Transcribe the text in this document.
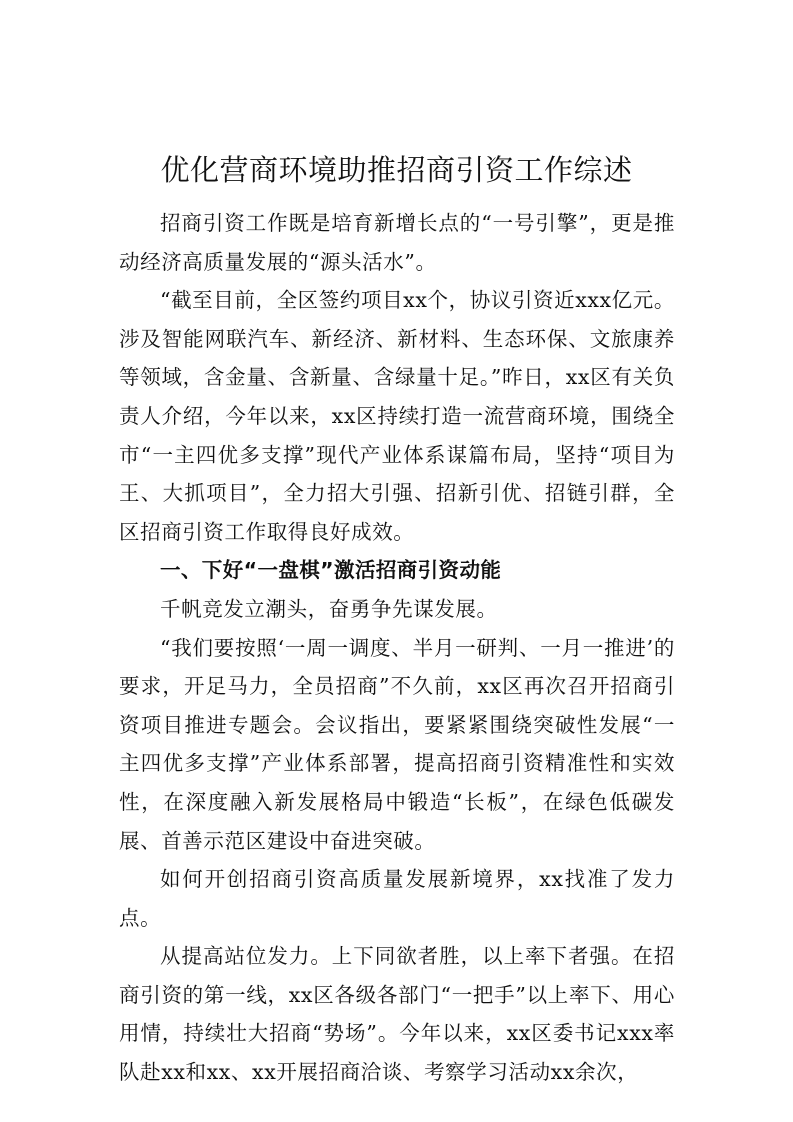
优化营商环境助推招商引资工作综述

招商引资工作既是培育新增长点的“一号引擎”，更是推动经济高质量发展的“源头活水”。

“截至目前，全区签约项目xx个，协议引资近xxx亿元。涉及智能网联汽车、新经济、新材料、生态环保、文旅康养等领域，含金量、含新量、含绿量十足。”昨日，xx区有关负责人介绍，今年以来，xx区持续打造一流营商环境，围绕全市“一主四优多支撑”现代产业体系谋篇布局，坚持“项目为王、大抓项目”，全力招大引强、招新引优、招链引群，全区招商引资工作取得良好成效。

一、下好“一盘棋”激活招商引资动能

千帆竞发立潮头，奋勇争先谋发展。

“我们要按照‘一周一调度、半月一研判、一月一推进’的要求，开足马力，全员招商”不久前，xx区再次召开招商引资项目推进专题会。会议指出，要紧紧围绕突破性发展“一主四优多支撑”产业体系部署，提高招商引资精准性和实效性，在深度融入新发展格局中锻造“长板”，在绿色低碳发展、首善示范区建设中奋进突破。

如何开创招商引资高质量发展新境界，xx找准了发力点。

从提高站位发力。上下同欲者胜，以上率下者强。在招商引资的第一线，xx区各级各部门“一把手”以上率下、用心用情，持续壮大招商“势场”。今年以来，xx区委书记xxx率队赴xx和xx、xx开展招商洽谈、考察学习活动xx余次，
